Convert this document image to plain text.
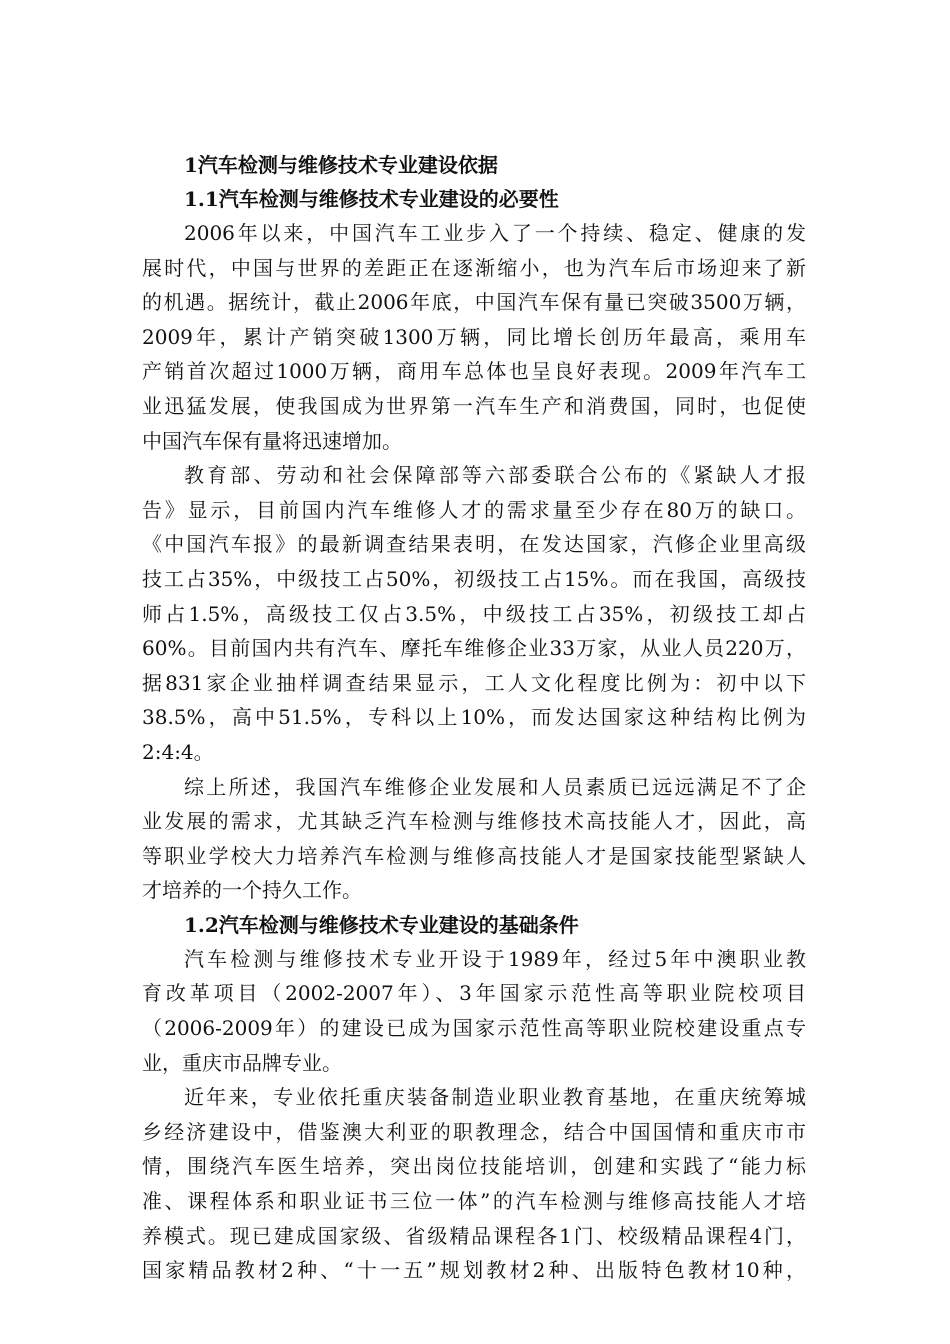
1汽车检测与维修技术专业建设依据
1.1汽车检测与维修技术专业建设的必要性
2006年以来，中国汽车工业步入了一个持续、稳定、健康的发
展时代，中国与世界的差距正在逐渐缩小，也为汽车后市场迎来了新
的机遇。据统计，截止2006年底，中国汽车保有量已突破3500万辆，
2009年，累计产销突破1300万辆，同比增长创历年最高，乘用车
产销首次超过1000万辆，商用车总体也呈良好表现。2009年汽车工
业迅猛发展，使我国成为世界第一汽车生产和消费国，同时，也促使
中国汽车保有量将迅速增加。
教育部、劳动和社会保障部等六部委联合公布的《紧缺人才报
告》显示，目前国内汽车维修人才的需求量至少存在80万的缺口。
《中国汽车报》的最新调查结果表明，在发达国家，汽修企业里高级
技工占35%，中级技工占50%，初级技工占15%。而在我国，高级技
师占1.5%，高级技工仅占3.5%，中级技工占35%，初级技工却占
60%。目前国内共有汽车、摩托车维修企业33万家，从业人员220万，
据831家企业抽样调查结果显示，工人文化程度比例为：初中以下
38.5%，高中51.5%，专科以上10%，而发达国家这种结构比例为
2:4:4。
综上所述，我国汽车维修企业发展和人员素质已远远满足不了企
业发展的需求，尤其缺乏汽车检测与维修技术高技能人才，因此，高
等职业学校大力培养汽车检测与维修高技能人才是国家技能型紧缺人
才培养的一个持久工作。
1.2汽车检测与维修技术专业建设的基础条件
汽车检测与维修技术专业开设于1989年，经过5年中澳职业教
育改革项目（2002-2007年）、3年国家示范性高等职业院校项目
（2006-2009年）的建设已成为国家示范性高等职业院校建设重点专
业，重庆市品牌专业。
近年来，专业依托重庆装备制造业职业教育基地，在重庆统筹城
乡经济建设中，借鉴澳大利亚的职教理念，结合中国国情和重庆市市
情，围绕汽车医生培养，突出岗位技能培训，创建和实践了“能力标
准、课程体系和职业证书三位一体”的汽车检测与维修高技能人才培
养模式。现已建成国家级、省级精品课程各1门、校级精品课程4门，
国家精品教材2种、“十一五”规划教材2种、出版特色教材10种，
